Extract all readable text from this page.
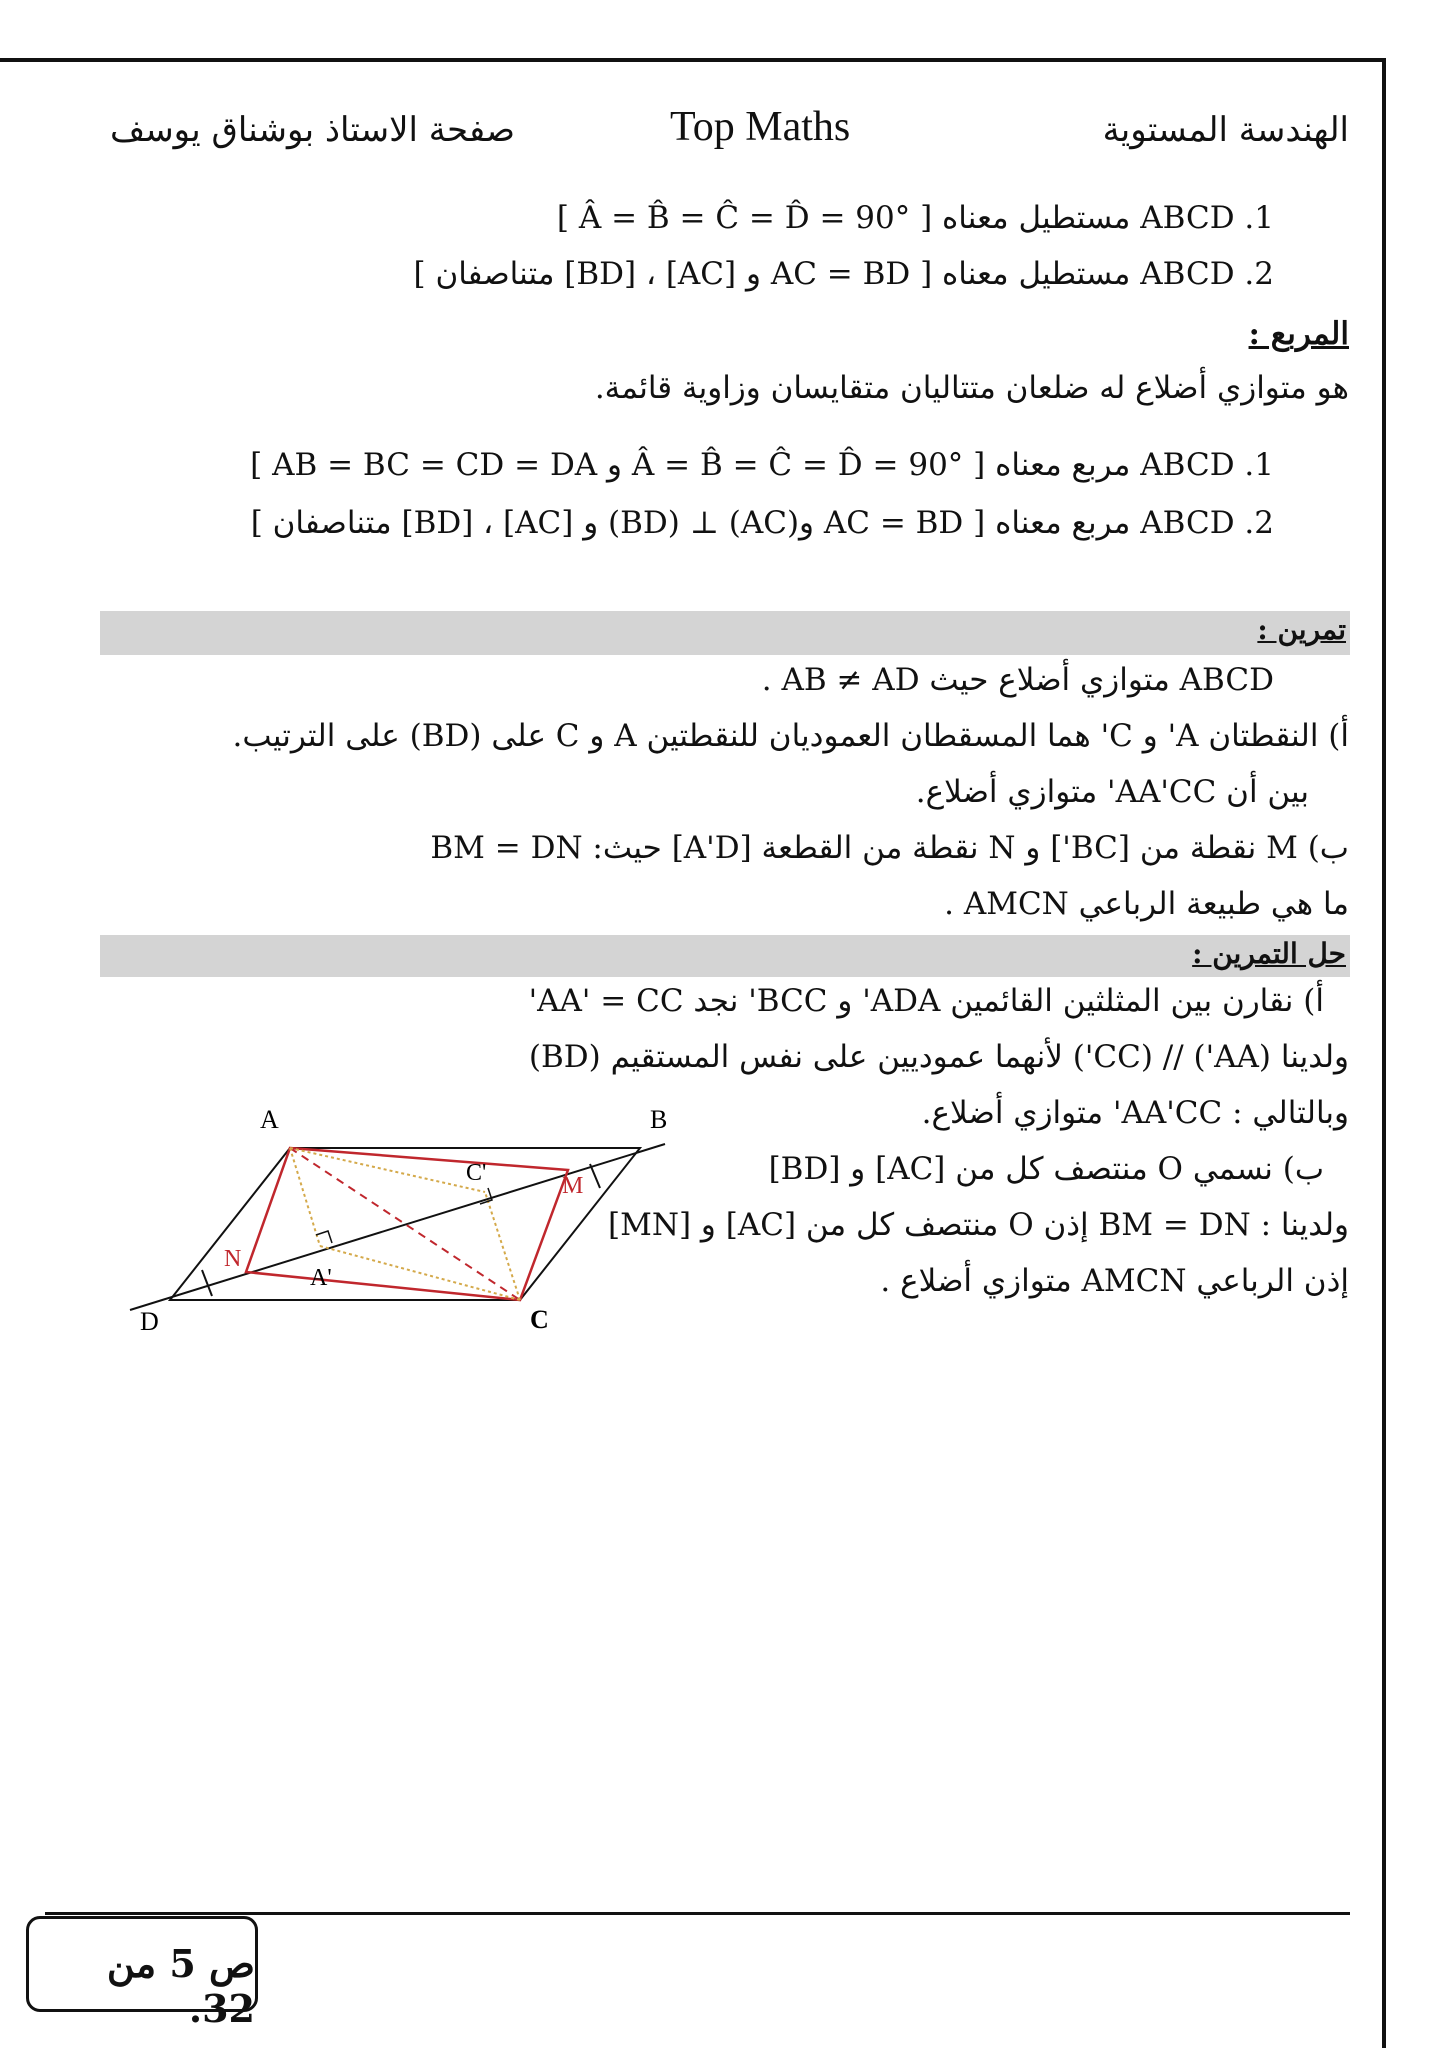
الهندسة المستوية
Top Maths
صفحة الاستاذ بوشناق يوسف
ABCD .1 مستطيل معناه [ Â = B̂ = Ĉ = D̂ = 90° ]
ABCD .2 مستطيل معناه [ AC = BD و [AC] ، [BD] متناصفان ]
المربع :
هو متوازي أضلاع له ضلعان متتاليان متقايسان وزاوية قائمة.
ABCD .1 مربع معناه [ Â = B̂ = Ĉ = D̂ = 90° و AB = BC = CD = DA ]
ABCD .2 مربع معناه [ AC = BD و(AC) ⊥ (BD) و [AC] ، [BD] متناصفان ]
تمرين :
ABCD متوازي أضلاع حيث AB ≠ AD .
أ) النقطتان A' و C' هما المسقطان العموديان للنقطتين A و C على (BD) على الترتيب.
بين أن AA'CC' متوازي أضلاع.
ب) M نقطة من [BC'] و N نقطة من القطعة [A'D] حيث: BM = DN
ما هي طبيعة الرباعي AMCN .
حل التمرين :
أ) نقارن بين المثلثين القائمين ADA' و BCC' نجد AA' = CC'
ولدينا (AA') // (CC') لأنهما عموديين على نفس المستقيم (BD)
وبالتالي : AA'CC' متوازي أضلاع.
ب) نسمي O منتصف كل من [AC] و [BD]
ولدينا : BM = DN إذن O منتصف كل من [AC] و [MN]
إذن الرباعي AMCN متوازي أضلاع .
A	B
C
D
M
N
A'
C'
ص 5 من 32.
